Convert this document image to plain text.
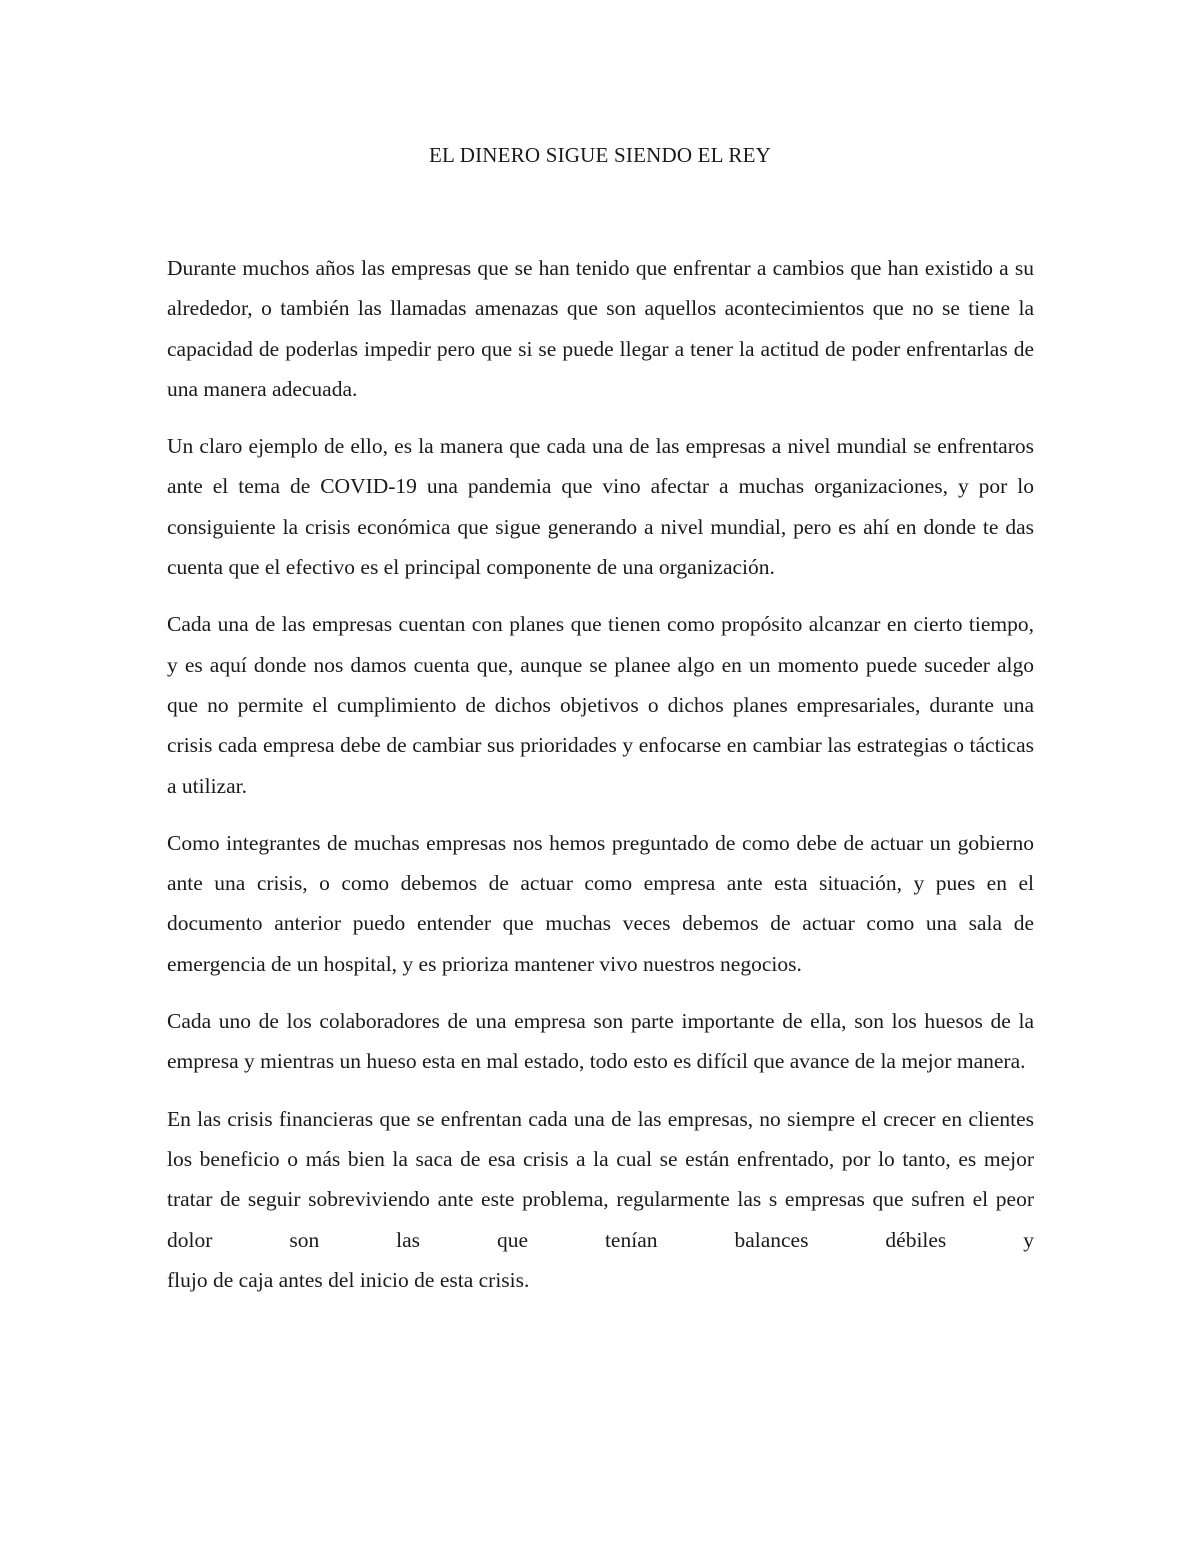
EL DINERO SIGUE SIENDO EL REY

Durante muchos años las empresas que se han tenido que enfrentar a cambios que han existido a su alrededor, o también las llamadas amenazas que son aquellos acontecimientos que no se tiene la capacidad de poderlas impedir pero que si se puede llegar a tener la actitud de poder enfrentarlas de una manera adecuada.

Un claro ejemplo de ello, es la manera que cada una de las empresas a nivel mundial se enfrentaros ante el tema de COVID-19 una pandemia que vino afectar a muchas organizaciones, y por lo consiguiente la crisis económica que sigue generando a nivel mundial, pero es ahí en donde te das cuenta que el efectivo es el principal componente de una organización.

Cada una de las empresas cuentan con planes que tienen como propósito alcanzar en cierto tiempo, y es aquí donde nos damos cuenta que, aunque se planee algo en un momento puede suceder algo que no permite el cumplimiento de dichos objetivos o dichos planes empresariales, durante una crisis cada empresa debe de cambiar sus prioridades y enfocarse en cambiar las estrategias o tácticas a utilizar.

Como integrantes de muchas empresas nos hemos preguntado de como debe de actuar un gobierno ante una crisis, o como debemos de actuar como empresa ante esta situación, y pues en el documento anterior puedo entender que muchas veces debemos de actuar como una sala de emergencia de un hospital, y es prioriza mantener vivo nuestros negocios.

Cada uno de los colaboradores de una empresa son parte importante de ella, son los huesos de la empresa y mientras un hueso esta en mal estado, todo esto es difícil que avance de la mejor manera.

En las crisis financieras que se enfrentan cada una de las empresas, no siempre el crecer en clientes los beneficio o más bien la saca de esa crisis a la cual se están enfrentado, por lo tanto, es mejor tratar de seguir sobreviviendo ante este problema, regularmente las s empresas que sufren el peor dolor son las que tenían balances débiles y

flujo de caja antes del inicio de esta crisis.
